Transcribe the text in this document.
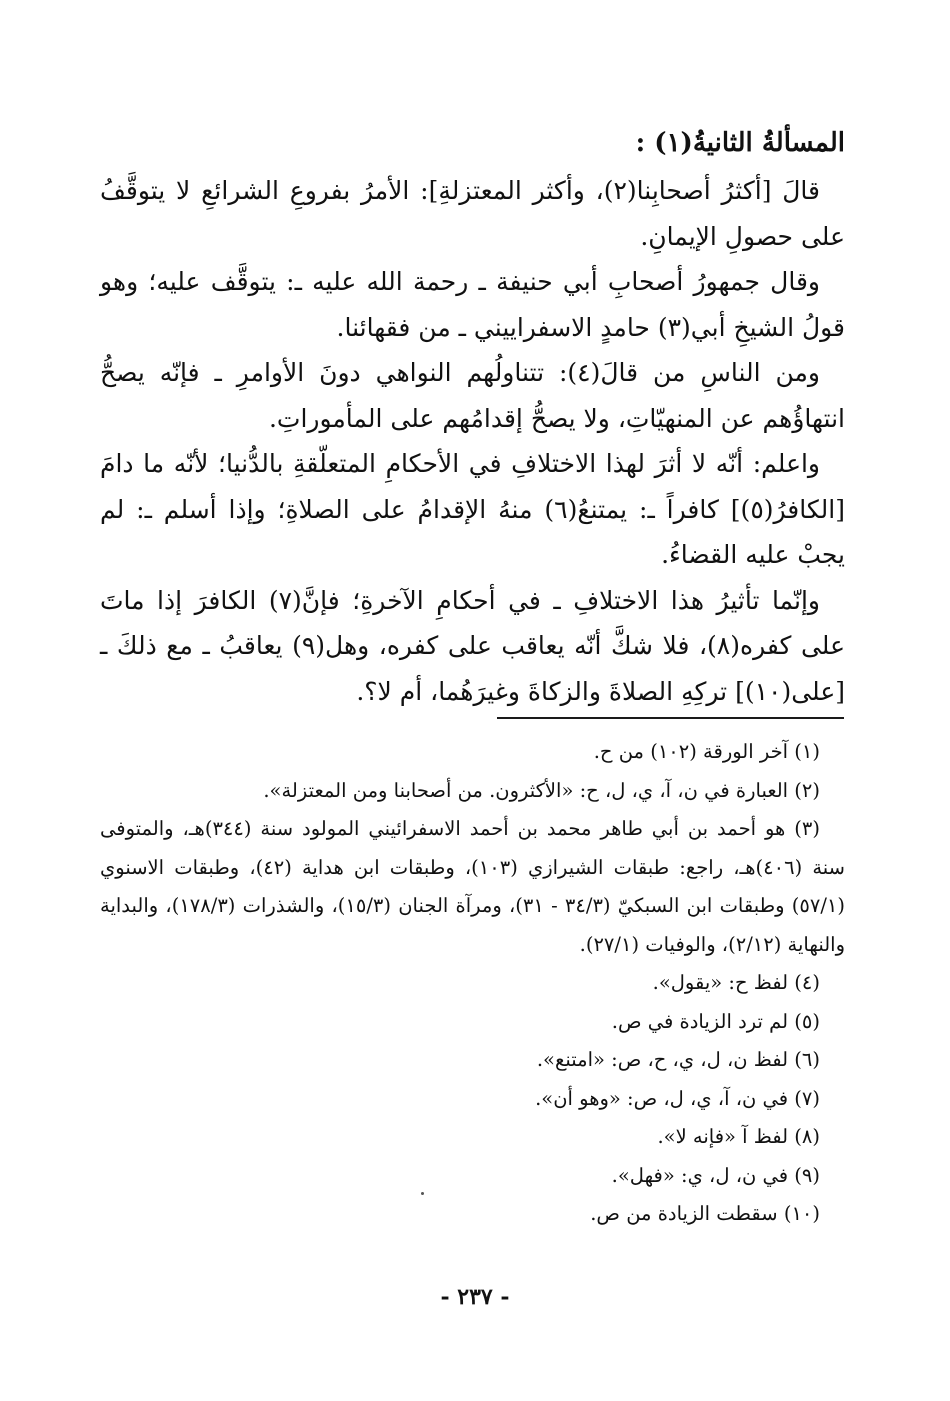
المسألةُ الثانيةُ(١) :

قالَ [أكثرُ أصحابِنا(٢)، وأكثر المعتزلةِ]: الأمرُ بفروعِ الشرائعِ لا يتوقَّفُ على حصولِ الإيمانِ.

وقال جمهورُ أصحابِ أبي حنيفة ـ رحمة الله عليه ـ: يتوقَّف عليه؛ وهو قولُ الشيخِ أبي(٣) حامدٍ الاسفراييني ـ من فقهائنا.

ومن الناسِ من قالَ(٤): تتناولُهم النواهي دونَ الأوامرِ ـ فإنّه يصحُّ انتهاؤُهم عن المنهيّاتِ، ولا يصحُّ إقدامُهم على المأموراتِ.

واعلم: أنّه لا أثرَ لهذا الاختلافِ في الأحكامِ المتعلّقةِ بالدُّنيا؛ لأنّه ما دامَ [الكافرُ(٥)] كافراً ـ: يمتنعُ(٦) منهُ الإقدامُ على الصلاةِ؛ وإذا أسلم ـ: لم يجبْ عليه القضاءُ.

وإنّما تأثيرُ هذا الاختلافِ ـ في أحكامِ الآخرةِ؛ فإنَّ(٧) الكافرَ إذا ماتَ على كفره(٨)، فلا شكَّ أنّه يعاقب على كفره، وهل(٩) يعاقبُ ـ مع ذلكَ ـ [على(١٠)] تركِهِ الصلاةَ والزكاةَ وغيرَهُما، أم لا؟.

(١) آخر الورقة (١٠٢) من ح.

(٢) العبارة في ن، آ، ي، ل، ح: «الأكثرون. من أصحابنا ومن المعتزلة».

(٣) هو أحمد بن أبي طاهر محمد بن أحمد الاسفرائيني المولود سنة (٣٤٤)هـ، والمتوفى سنة (٤٠٦)هـ، راجع: طبقات الشيرازي (١٠٣)، وطبقات ابن هداية (٤٢)، وطبقات الاسنوي (٥٧/١) وطبقات ابن السبكيّ (٣٤/٣ - ٣١)، ومرآة الجنان (١٥/٣)، والشذرات (١٧٨/٣)، والبداية والنهاية (٢/١٢)، والوفيات (٢٧/١).

(٤) لفظ ح: «يقول».

(٥) لم ترد الزيادة في ص.

(٦) لفظ ن، ل، ي، ح، ص: «امتنع».

(٧) في ن، آ، ي، ل، ص: «وهو أن».

(٨) لفظ آ «فإنه لا».

(٩) في ن، ل، ي: «فهل».

(١٠) سقطت الزيادة من ص.

- ٢٣٧ -
